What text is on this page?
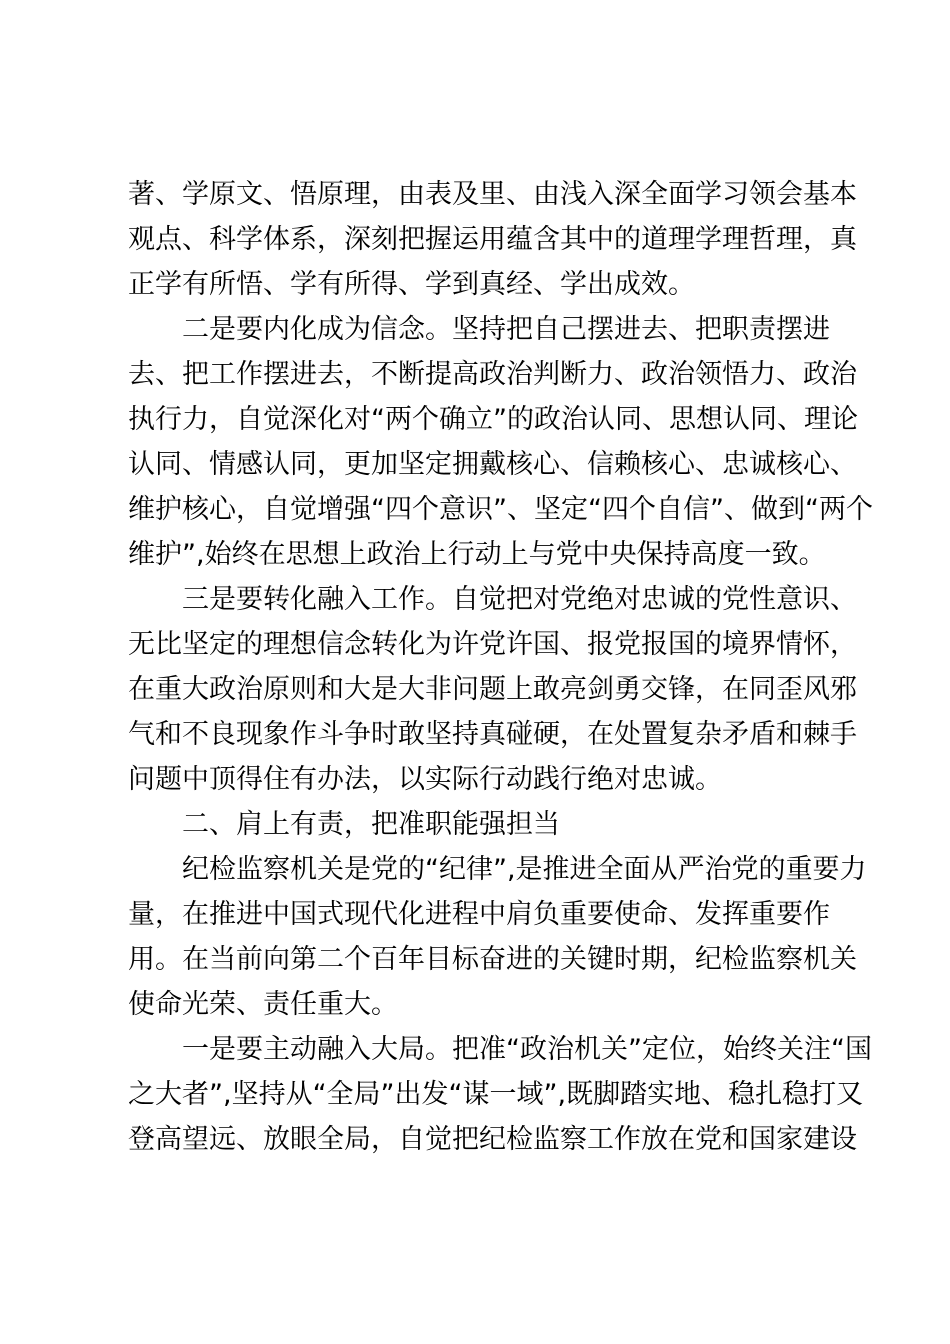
著、学原文、悟原理，由表及里、由浅入深全面学习领会基本
观点、科学体系，深刻把握运用蕴含其中的道理学理哲理，真
正学有所悟、学有所得、学到真经、学出成效。
二是要内化成为信念。坚持把自己摆进去、把职责摆进
去、把工作摆进去，不断提高政治判断力、政治领悟力、政治
执行力，自觉深化对“两个确立”的政治认同、思想认同、理论
认同、情感认同，更加坚定拥戴核心、信赖核心、忠诚核心、
维护核心，自觉增强“四个意识”、坚定“四个自信”、做到“两个
维护”,始终在思想上政治上行动上与党中央保持高度一致。
三是要转化融入工作。自觉把对党绝对忠诚的党性意识、
无比坚定的理想信念转化为许党许国、报党报国的境界情怀，
在重大政治原则和大是大非问题上敢亮剑勇交锋，在同歪风邪
气和不良现象作斗争时敢坚持真碰硬，在处置复杂矛盾和棘手
问题中顶得住有办法，以实际行动践行绝对忠诚。
二、肩上有责，把准职能强担当
纪检监察机关是党的“纪律”,是推进全面从严治党的重要力
量，在推进中国式现代化进程中肩负重要使命、发挥重要作
用。在当前向第二个百年目标奋进的关键时期，纪检监察机关
使命光荣、责任重大。
一是要主动融入大局。把准“政治机关”定位，始终关注“国
之大者”,坚持从“全局”出发“谋一域”,既脚踏实地、稳扎稳打又
登高望远、放眼全局，自觉把纪检监察工作放在党和国家建设
